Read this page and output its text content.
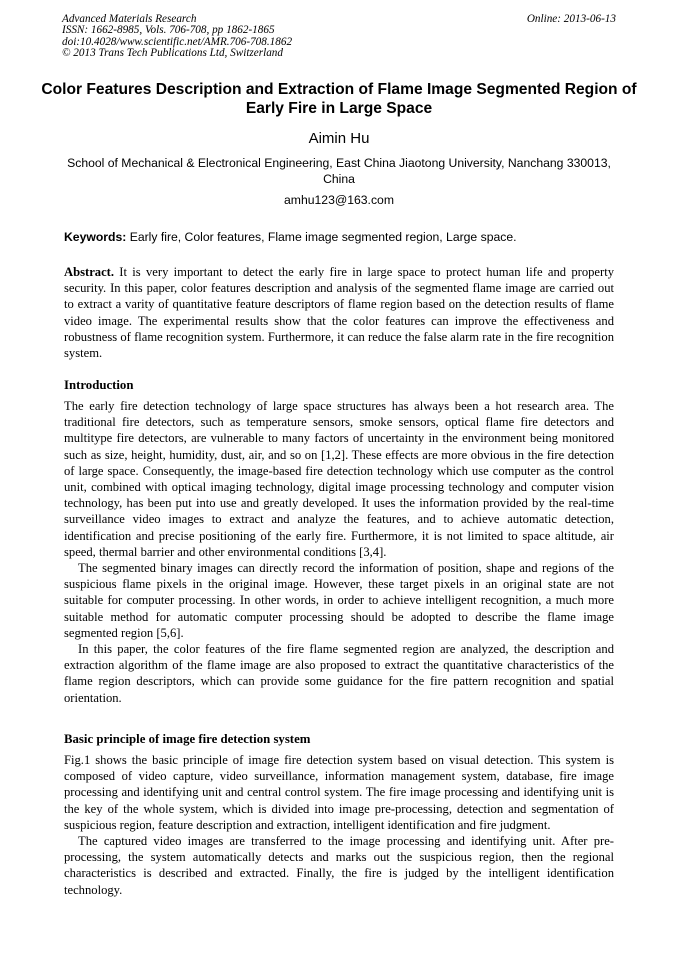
Advanced Materials Research
ISSN: 1662-8985, Vols. 706-708, pp 1862-1865
doi:10.4028/www.scientific.net/AMR.706-708.1862
© 2013 Trans Tech Publications Ltd, Switzerland
Online: 2013-06-13
Color Features Description and Extraction of Flame Image Segmented Region of Early Fire in Large Space
Aimin Hu
School of Mechanical & Electronical Engineering, East China Jiaotong University, Nanchang 330013, China
amhu123@163.com
Keywords: Early fire, Color features, Flame image segmented region, Large space.

Abstract. It is very important to detect the early fire in large space to protect human life and property security. In this paper, color features description and analysis of the segmented flame image are carried out to extract a varity of quantitative feature descriptors of flame region based on the detection results of flame video image. The experimental results show that the color features can improve the effectiveness and robustness of flame recognition system. Furthermore, it can reduce the false alarm rate in the fire recognition system.

Introduction

The early fire detection technology of large space structures has always been a hot research area. The traditional fire detectors, such as temperature sensors, smoke sensors, optical flame fire detectors and multitype fire detectors, are vulnerable to many factors of uncertainty in the environment being monitored such as size, height, humidity, dust, air, and so on [1,2]. These effects are more obvious in the fire detection of large space. Consequently, the image-based fire detection technology which use computer as the control unit, combined with optical imaging technology, digital image processing technology and computer vision technology, has been put into use and greatly developed. It uses the information provided by the real-time surveillance video images to extract and analyze the features, and to achieve automatic detection, identification and precise positioning of the early fire. Furthermore, it is not limited to space altitude, air speed, thermal barrier and other environmental conditions [3,4].

The segmented binary images can directly record the information of position, shape and regions of the suspicious flame pixels in the original image. However, these target pixels in an original state are not suitable for computer processing. In other words, in order to achieve intelligent recognition, a much more suitable method for automatic computer processing should be adopted to describe the flame image segmented region [5,6].

In this paper, the color features of the fire flame segmented region are analyzed, the description and extraction algorithm of the flame image are also proposed to extract the quantitative characteristics of the flame region descriptors, which can provide some guidance for the fire pattern recognition and spatial orientation.

Basic principle of image fire detection system

Fig.1 shows the basic principle of image fire detection system based on visual detection. This system is composed of video capture, video surveillance, information management system, database, fire image processing and identifying unit and central control system. The fire image processing and identifying unit is the key of the whole system, which is divided into image pre-processing, detection and segmentation of suspicious region, feature description and extraction, intelligent identification and fire judgment.

The captured video images are transferred to the image processing and identifying unit. After pre-processing, the system automatically detects and marks out the suspicious region, then the regional characteristics is described and extracted. Finally, the fire is judged by the intelligent identification technology.
